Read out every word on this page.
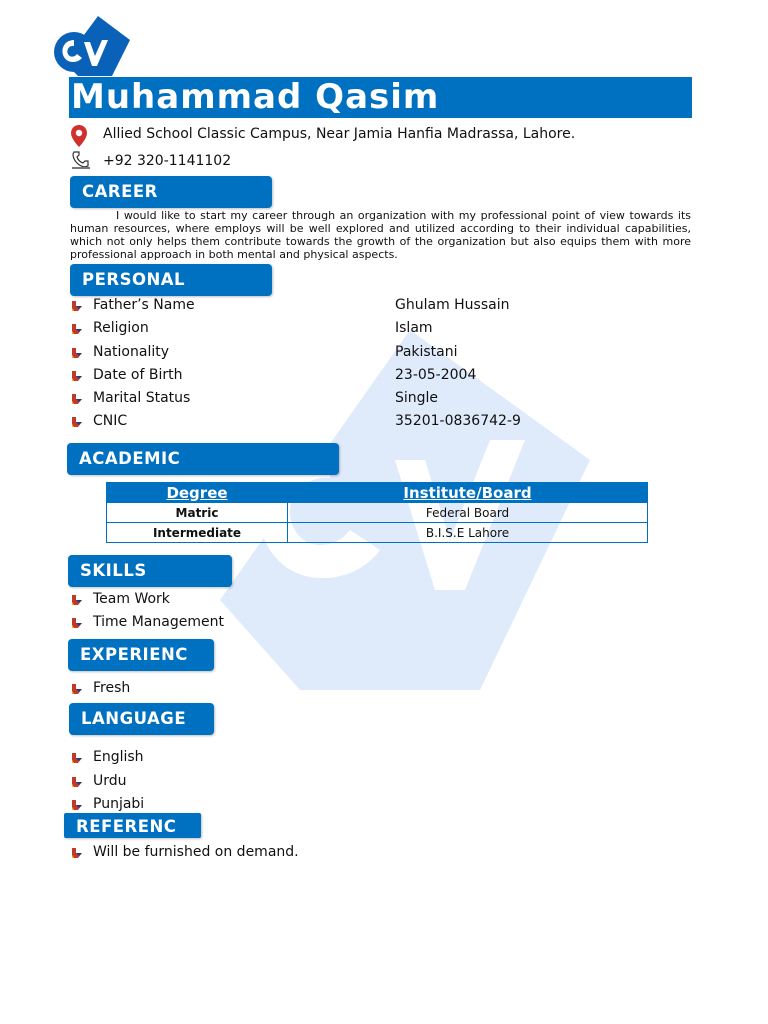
Muhammad Qasim
Allied School Classic Campus, Near Jamia Hanfia Madrassa, Lahore.
+92 320-1141102
CAREER
I would like to start my career through an organization with my professional point of view towards its human resources, where employs will be well explored and utilized according to their individual capabilities, which not only helps them contribute towards the growth of the organization but also equips them with more professional approach in both mental and physical aspects.
PERSONAL
Father’s Name	Ghulam Hussain
Religion	Islam
Nationality	Pakistani
Date of Birth	23-05-2004
Marital Status	Single
CNIC	35201-0836742-9
ACADEMIC
Degree	Institute/Board
Matric	Federal Board
Intermediate	B.I.S.E Lahore
SKILLS
Team Work
Time Management
EXPERIENC
Fresh
LANGUAGE
English
Urdu
Punjabi
REFERENC
Will be furnished on demand.
